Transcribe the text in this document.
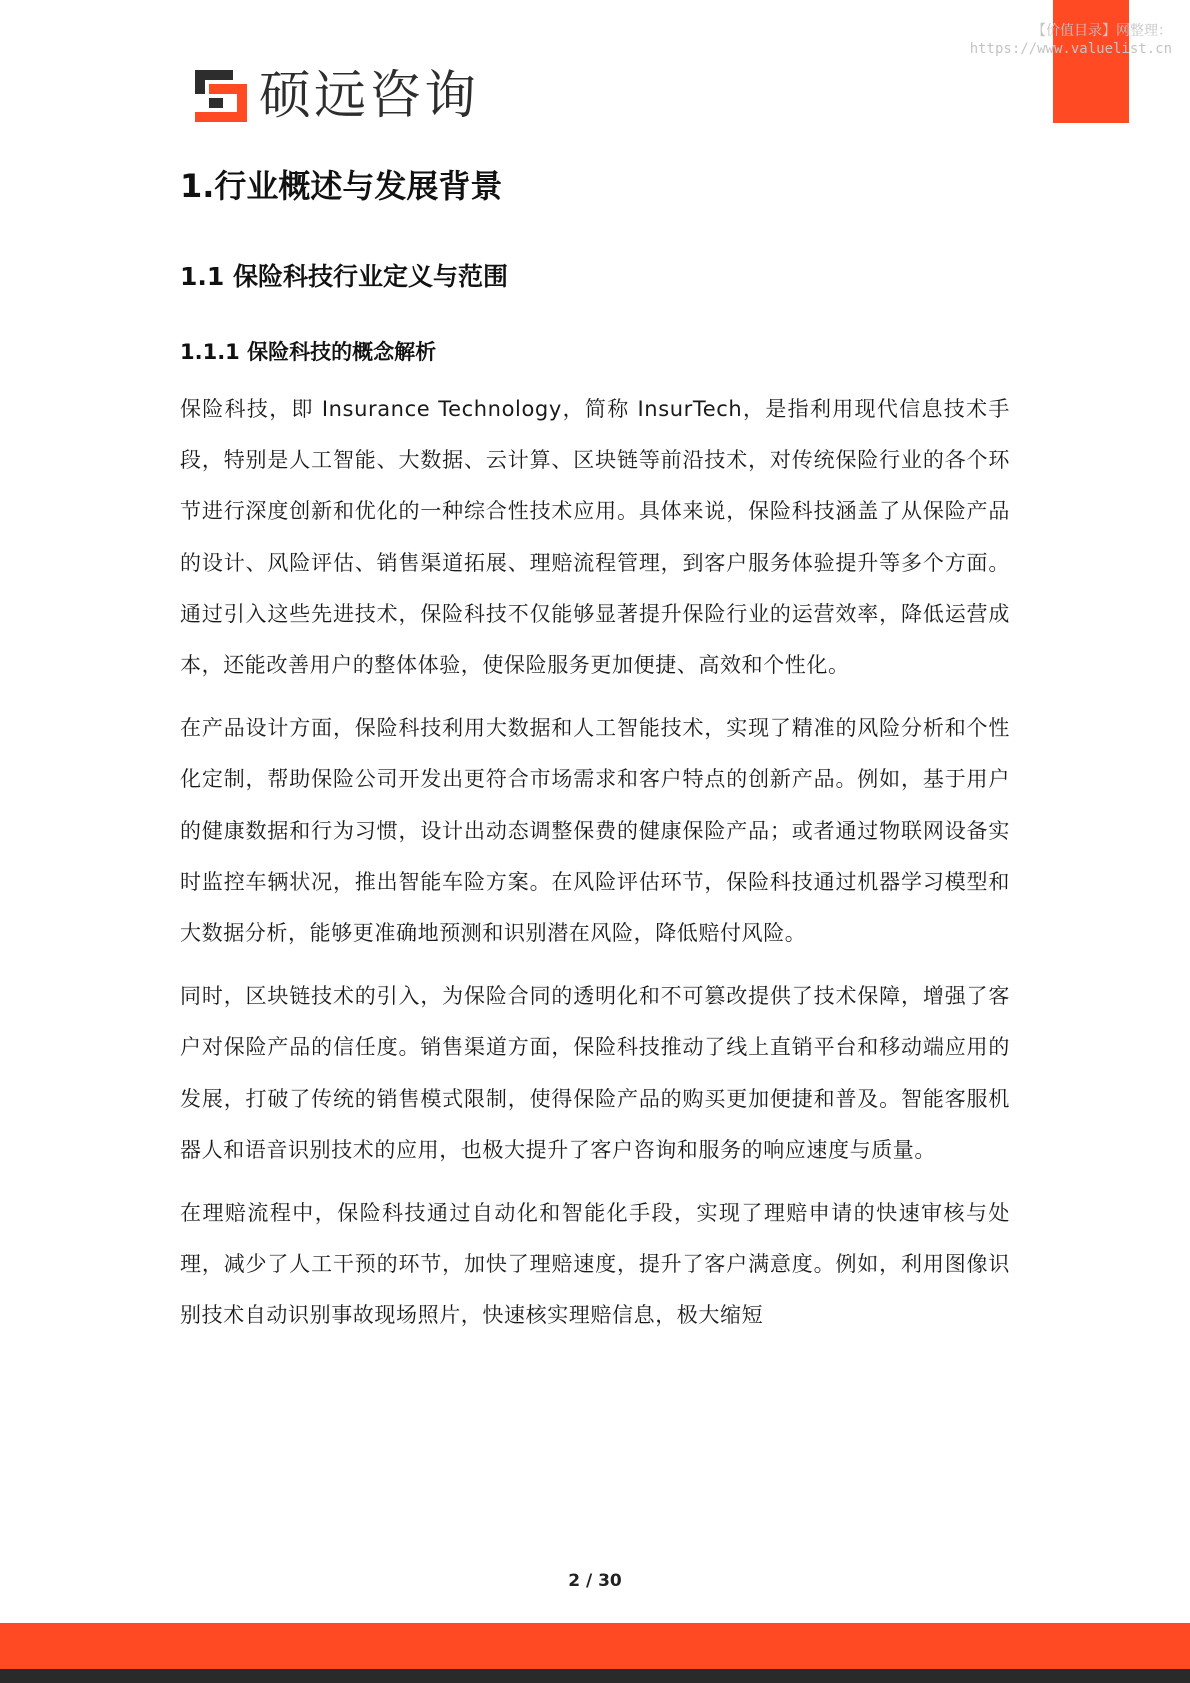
【价值目录】网整理：
https://www.valuelist.cn
硕远咨询
1.行业概述与发展背景
1.1 保险科技行业定义与范围
1.1.1 保险科技的概念解析

保险科技，即 Insurance Technology，简称 InsurTech，是指利用现代信息技术手段，特别是人工智能、大数据、云计算、区块链等前沿技术，对传统保险行业的各个环节进行深度创新和优化的一种综合性技术应用。具体来说，保险科技涵盖了从保险产品的设计、风险评估、销售渠道拓展、理赔流程管理，到客户服务体验提升等多个方面。通过引入这些先进技术，保险科技不仅能够显著提升保险行业的运营效率，降低运营成本，还能改善用户的整体体验，使保险服务更加便捷、高效和个性化。

在产品设计方面，保险科技利用大数据和人工智能技术，实现了精准的风险分析和个性化定制，帮助保险公司开发出更符合市场需求和客户特点的创新产品。例如，基于用户的健康数据和行为习惯，设计出动态调整保费的健康保险产品；或者通过物联网设备实时监控车辆状况，推出智能车险方案。在风险评估环节，保险科技通过机器学习模型和大数据分析，能够更准确地预测和识别潜在风险，降低赔付风险。

同时，区块链技术的引入，为保险合同的透明化和不可篡改提供了技术保障，增强了客户对保险产品的信任度。销售渠道方面，保险科技推动了线上直销平台和移动端应用的发展，打破了传统的销售模式限制，使得保险产品的购买更加便捷和普及。智能客服机器人和语音识别技术的应用，也极大提升了客户咨询和服务的响应速度与质量。

在理赔流程中，保险科技通过自动化和智能化手段，实现了理赔申请的快速审核与处理，减少了人工干预的环节，加快了理赔速度，提升了客户满意度。例如，利用图像识别技术自动识别事故现场照片，快速核实理赔信息，极大缩短

2 / 30
